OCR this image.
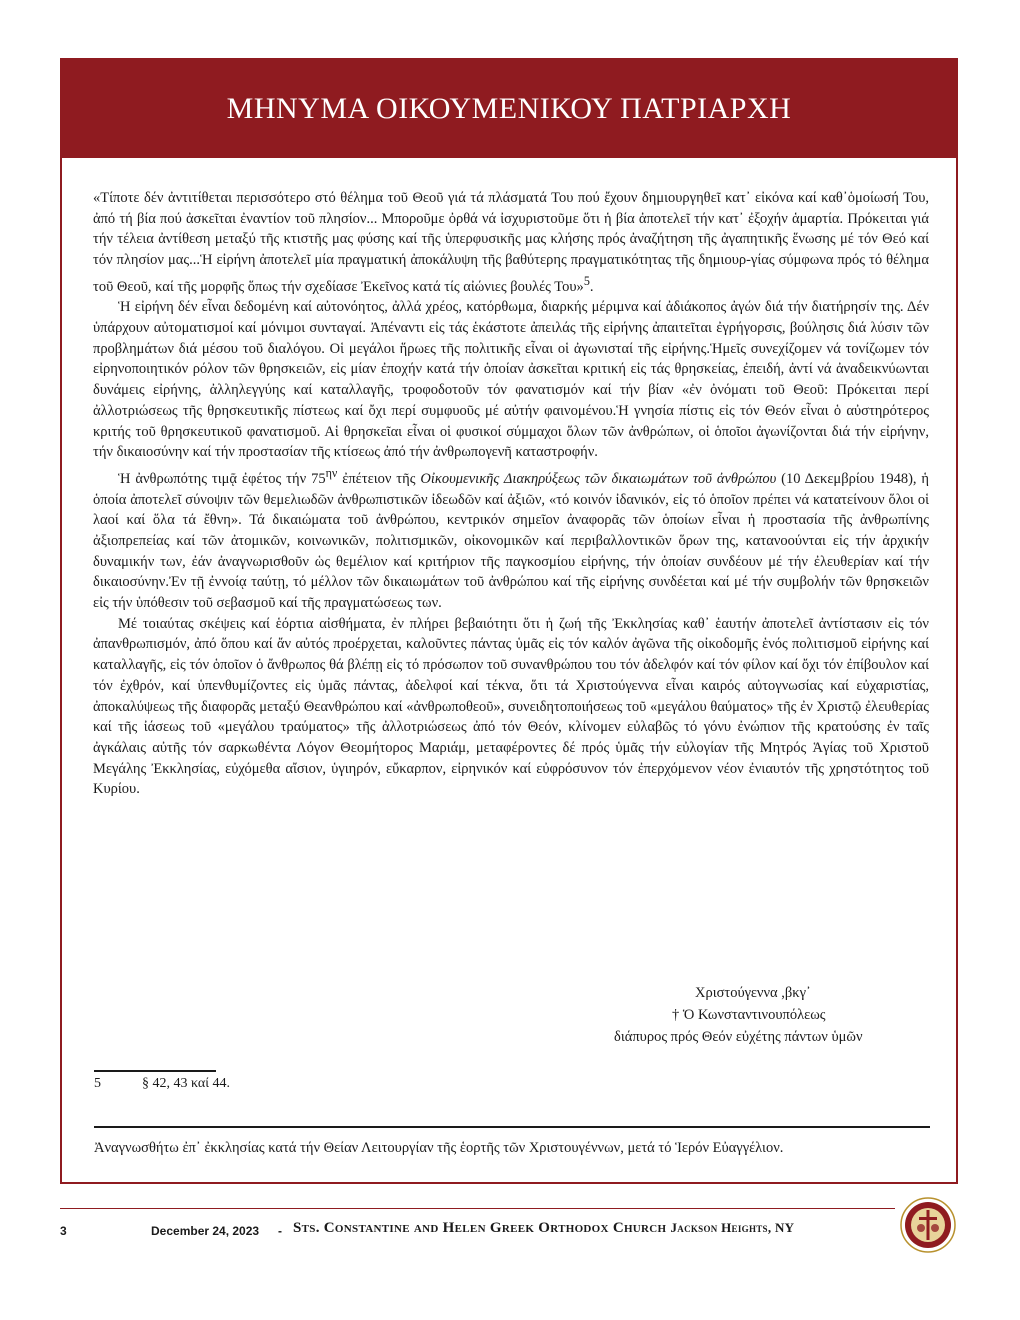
ΜΗΝΥΜΑ ΟΙΚΟΥΜΕΝΙΚΟΥ ΠΑΤΡΙΑΡΧΗ

«Τίποτε δέν ἀντιτίθεται περισσότερο στό θέλημα τοῦ Θεοῦ γιά τά πλάσματά Του πού ἔχουν δημιουργηθεῖ κατ᾽ εἰκόνα καί καθ᾽ὁμοίωσή Του, ἀπό τή βία πού ἀσκεῖται ἐναντίον τοῦ πλησίον... Μποροῦμε ὀρθά νά ἰσχυριστοῦμε ὅτι ἡ βία ἀποτελεῖ τήν κατ᾽ ἐξοχήν ἁμαρτία. Πρόκειται γιά τήν τέλεια ἀντίθεση μεταξύ τῆς κτιστῆς μας φύσης καί τῆς ὑπερφυσικῆς μας κλήσης πρός ἀναζήτηση τῆς ἀγαπητικῆς ἕνωσης μέ τόν Θεό καί τόν πλησίον μας...Ἡ εἰρήνη ἀποτελεῖ μία πραγματική ἀποκάλυψη τῆς βαθύτερης πραγματικότητας τῆς δημιουρ-γίας σύμφωνα πρός τό θέλημα τοῦ Θεοῦ, καί τῆς μορφῆς ὅπως τήν σχεδίασε Ἐκεῖνος κατά τίς αἰώνιες βουλές Του»$^5$.

Ἡ εἰρήνη δέν εἶναι δεδομένη καί αὐτονόητος, ἀλλά χρέος, κατόρθωμα, διαρκής μέριμνα καί ἀδιάκοπος ἀγών διά τήν διατήρησίν της. Δέν ὑπάρχουν αὐτοματισμοί καί μόνιμοι συνταγαί. Ἀπέναντι εἰς τάς ἑκάστοτε ἀπειλάς τῆς εἰρήνης ἀπαιτεῖται ἐγρήγορσις, βούλησις διά λύσιν τῶν προβλημάτων διά μέσου τοῦ διαλόγου. Οἱ μεγάλοι ἥρωες τῆς πολιτικῆς εἶναι οἱ ἀγωνισταί τῆς εἰρήνης.Ἡμεῖς συνεχίζομεν νά τονίζωμεν τόν εἰρηνοποιητικόν ρόλον τῶν θρησκειῶν, εἰς μίαν ἐποχήν κατά τήν ὁποίαν ἀσκεῖται κριτική εἰς τάς θρησκείας, ἐπειδή, ἀντί νά ἀναδεικνύωνται δυνάμεις εἰρήνης, ἀλληλεγγύης καί καταλλαγῆς, τροφοδοτοῦν τόν φανατισμόν καί τήν βίαν «ἐν ὀνόματι τοῦ Θεοῦ: Πρόκειται περί ἀλλοτριώσεως τῆς θρησκευτικῆς πίστεως καί ὄχι περί συμφυοῦς μέ αὐτήν φαινομένου.Ἡ γνησία πίστις εἰς τόν Θεόν εἶναι ὁ αὐστηρότερος κριτής τοῦ θρησκευτικοῦ φανατισμοῦ. Αἱ θρησκεῖαι εἶναι οἱ φυσικοί σύμμαχοι ὅλων τῶν ἀνθρώπων, οἱ ὁποῖοι ἀγωνίζονται διά τήν εἰρήνην, τήν δικαιοσύνην καί τήν προστασίαν τῆς κτίσεως ἀπό τήν ἀνθρωπογενῆ καταστροφήν.

Ἡ ἀνθρωπότης τιμᾷ ἐφέτος τήν $75^{\eta\nu}$ ἐπέτειον τῆς Οἰκουμενικῆς Διακηρύξεως τῶν δικαιωμάτων τοῦ ἀνθρώπου (10 Δεκεμβρίου 1948), ἡ ὁποία ἀποτελεῖ σύνοψιν τῶν θεμελιωδῶν ἀνθρωπιστικῶν ἰδεωδῶν καί ἀξιῶν, «τό κοινόν ἰδανικόν, εἰς τό ὁποῖον πρέπει νά κατατείνουν ὅλοι οἱ λαοί καί ὅλα τά ἔθνη». Τά δικαιώματα τοῦ ἀνθρώπου, κεντρικόν σημεῖον ἀναφορᾶς τῶν ὁποίων εἶναι ἡ προστασία τῆς ἀνθρωπίνης ἀξιοπρεπείας καί τῶν ἀτομικῶν, κοινωνικῶν, πολιτισμικῶν, οἰκονομικῶν καί περιβαλλοντικῶν ὅρων της, κατανοούνται εἰς τήν ἀρχικήν δυναμικήν των, ἐάν ἀναγνωρισθοῦν ὡς θεμέλιον καί κριτήριον τῆς παγκοσμίου εἰρήνης, τήν ὁποίαν συνδέουν μέ τήν ἐλευθερίαν καί τήν δικαιοσύνην.Ἐν τῇ ἐννοίᾳ ταύτῃ, τό μέλλον τῶν δικαιωμάτων τοῦ ἀνθρώπου καί τῆς εἰρήνης συνδέεται καί μέ τήν συμβολήν τῶν θρησκειῶν εἰς τήν ὑπόθεσιν τοῦ σεβασμοῦ καί τῆς πραγματώσεως των.

Μέ τοιαύτας σκέψεις καί ἑόρτια αἰσθήματα, ἐν πλήρει βεβαιότητι ὅτι ἡ ζωή τῆς Ἐκκλησίας καθ᾽ ἑαυτήν ἀποτελεῖ ἀντίστασιν εἰς τόν ἀπανθρωπισμόν, ἀπό ὅπου καί ἄν αὐτός προέρχεται, καλοῦντες πάντας ὑμᾶς εἰς τόν καλόν ἀγῶνα τῆς οἰκοδομῆς ἑνός πολιτισμοῦ εἰρήνης καί καταλλαγῆς, εἰς τόν ὁποῖον ὁ ἄνθρωπος θά βλέπῃ εἰς τό πρόσωπον τοῦ συνανθρώπου του τόν ἀδελφόν καί τόν φίλον καί ὄχι τόν ἐπίβουλον καί τόν ἐχθρόν, καί ὑπενθυμίζοντες εἰς ὑμᾶς πάντας, ἀδελφοί καί τέκνα, ὅτι τά Χριστούγεννα εἶναι καιρός αὐτογνωσίας καί εὐχαριστίας, ἀποκαλύψεως τῆς διαφορᾶς μεταξύ Θεανθρώπου καί «ἀνθρωποθεοῦ», συνειδητοποιήσεως τοῦ «μεγάλου θαύματος» τῆς ἐν Χριστῷ ἐλευθερίας καί τῆς ἰάσεως τοῦ «μεγάλου τραύματος» τῆς ἀλλοτριώσεως ἀπό τόν Θεόν, κλίνομεν εὐλαβῶς τό γόνυ ἐνώπιον τῆς κρατούσης ἐν ταῖς ἀγκάλαις αὐτῆς τόν σαρκωθέντα Λόγον Θεομήτορος Μαριάμ, μεταφέροντες δέ πρός ὑμᾶς τήν εὐλογίαν τῆς Μητρός Ἁγίας τοῦ Χριστοῦ Μεγάλης Ἐκκλησίας, εὐχόμεθα αἴσιον, ὑγιηρόν, εὔκαρπον, εἰρηνικόν καί εὐφρόσυνον τόν ἐπερχόμενον νέον ἐνιαυτόν τῆς χρηστότητος τοῦ Κυρίου.

Χριστούγεννα ,βκγ᾽
† Ὁ Κωνσταντινουπόλεως
διάπυρος πρός Θεόν εὐχέτης πάντων ὑμῶν
5	§ 42, 43 καί 44.
Ἀναγνωσθήτω ἐπ᾽ ἐκκλησίας κατά τήν Θείαν Λειτουργίαν τῆς ἑορτῆς τῶν Χριστουγέννων, μετά τό Ἱερόν Εὐαγγέλιον.
3	December 24, 2023 - Sts. Constantine and Helen Greek Orthodox Church Jackson Heights, NY
